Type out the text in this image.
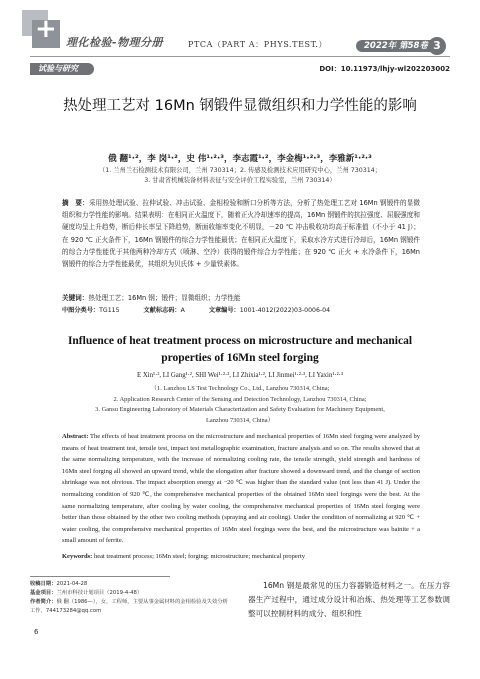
+ 理化检验-物理分册	PTCA（PART A：PHYS.TEST.）	2022年 第58卷 3
试验与研究	DOI：10.11973/lhjy-wl202203002
热处理工艺对 16Mn 钢锻件显微组织和力学性能的影响
俄 翻¹·²，李 岗¹·²，史 伟¹·²·³，李志霞¹·²，李金梅¹·²·³，李雅新¹·²·³
（1. 兰州兰石检测技术有限公司，兰州 730314；2. 传感及检测技术应用研究中心，兰州 730314；
3. 甘肃省机械装备材料表征与安全评价工程实验室，兰州 730314）
摘　要：采用热处理试验、拉伸试验、冲击试验、金相检验和断口分析等方法，分析了热处理工艺对 16Mn 钢锻件的显微组织和力学性能的影响。结果表明：在相同正火温度下，随着正火冷却速率的提高，16Mn 钢锻件的抗拉强度、屈服强度和硬度均呈上升趋势，断后伸长率呈下降趋势，断面收缩率变化不明显，－20 ℃ 冲击吸收功均高于标准值（不小于 41 J）；在 920 ℃ 正火条件下，16Mn 钢锻件的综合力学性能最优；在相同正火温度下，采取水冷方式进行冷却后，16Mn 钢锻件的综合力学性能优于其他两种冷却方式（喷淋、空冷）获得的锻件综合力学性能；在 920 ℃ 正火 + 水冷条件下，16Mn 钢锻件的综合力学性能最优，其组织为贝氏体 + 少量铁素体。
关键词：热处理工艺；16Mn 钢；锻件；显微组织；力学性能
中图分类号：TG115	文献标志码：A	文章编号：1001-4012(2022)03-0006-04
Influence of heat treatment process on microstructure and mechanical properties of 16Mn steel forging
E Xin¹·², LI Gang¹·², SHI Wei¹·²·³, LI Zhixia¹·², LI Jinmei¹·²·³, LI Yaxin¹·²·³
（1. Lanzhou LS Test Technology Co., Ltd., Lanzhou 730314, China;
2. Application Research Center of the Sensing and Detection Technology, Lanzhou 730314, China;
3. Gansu Engineering Laboratory of Materials Characterization and Safety Evaluation for Machinery Equipment,
Lanzhou 730314, China）
Abstract: The effects of heat treatment process on the microstructure and mechanical properties of 16Mn steel forging were analyzed by means of heat treatment test, tensile test, impact test metallographic examination, fracture analysis and so on. The results showed that at the same normalizing temperature, with the increase of normalizing cooling rate, the tensile strength, yield strength and hardness of 16Mn steel forging all showed an upward trend, while the elongation after fracture showed a downward trend, and the change of section shrinkage was not obvious. The impact absorption energy at −20 ℃ was higher than the standard value (not less than 41 J). Under the normalizing condition of 920 ℃, the comprehensive mechanical properties of the obtained 16Mn steel forgings were the best. At the same normalizing temperature, after cooling by water cooling, the comprehensive mechanical properties of 16Mn steel forging were better than those obtained by the other two cooling methods (spraying and air cooling). Under the condition of normalizing at 920 ℃ + water cooling, the comprehensive mechanical properties of 16Mn steel forgings were the best, and the microstructure was bainite + a small amount of ferrite.
Keywords: heat treatment process; 16Mn steel; forging; microstructure; mechanical property
收稿日期：2021-04-28
基金项目：兰州市科技计划项目（2019-4-48）
作者简介：俄 翻（1986—），女，工程师，主要从事金属材料的金相检验及失效分析工作，744173284@qq.com
6
16Mn 钢是最常见的压力容器锻造材料之一。在压力容器生产过程中，通过成分设计和冶炼、热处理等工艺参数调整可以控制材料的成分、组织和性
